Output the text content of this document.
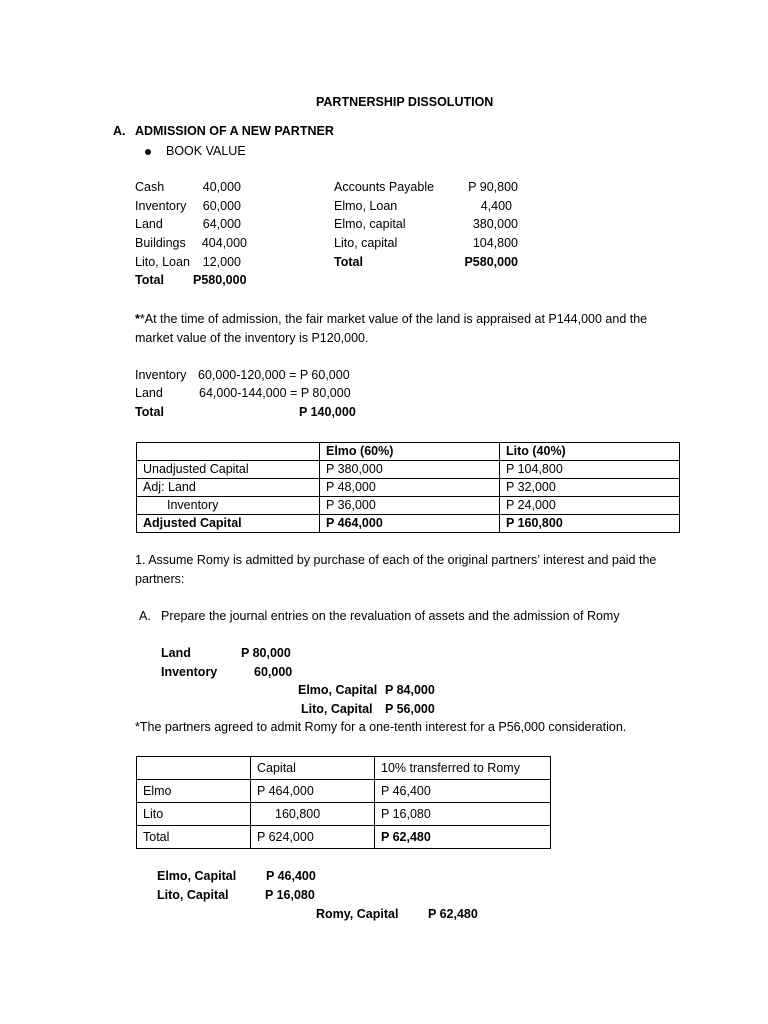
PARTNERSHIP DISSOLUTION
A. ADMISSION OF A NEW PARTNER
BOOK VALUE
Cash	40,000
Inventory	60,000
Land	64,000
Buildings	404,000
Lito, Loan	12,000
Total P580,000
Accounts Payable	P 90,800
Elmo, Loan	4,400
Elmo, capital	380,000
Lito, capital	104,800
Total	P580,000
**At the time of admission, the fair market value of the land is appraised at P144,000 and the
market value of the inventory is P120,000.
Inventory 60,000-120,000 = P 60,000
Land	64,000-144,000 = P 80,000
Total	P 140,000
	Elmo (60%)	Lito (40%)
Unadjusted Capital	P 380,000	P 104,800
Adj: Land	P 48,000	P 32,000
Inventory	P 36,000	P 24,000
Adjusted Capital	P 464,000	P 160,800
1. Assume Romy is admitted by purchase of each of the original partners’ interest and paid the
partners:
A. Prepare the journal entries on the revaluation of assets and the admission of Romy
Land	P 80,000
Inventory	60,000
Elmo, Capital P 84,000
Lito, Capital P 56,000
*The partners agreed to admit Romy for a one-tenth interest for a P56,000 consideration.
	Capital	10% transferred to Romy
Elmo	P 464,000	P 46,400
Lito	160,800	P 16,080
Total	P 624,000	P 62,480
Elmo, Capital P 46,400
Lito, Capital	P 16,080
Romy, Capital P 62,480
